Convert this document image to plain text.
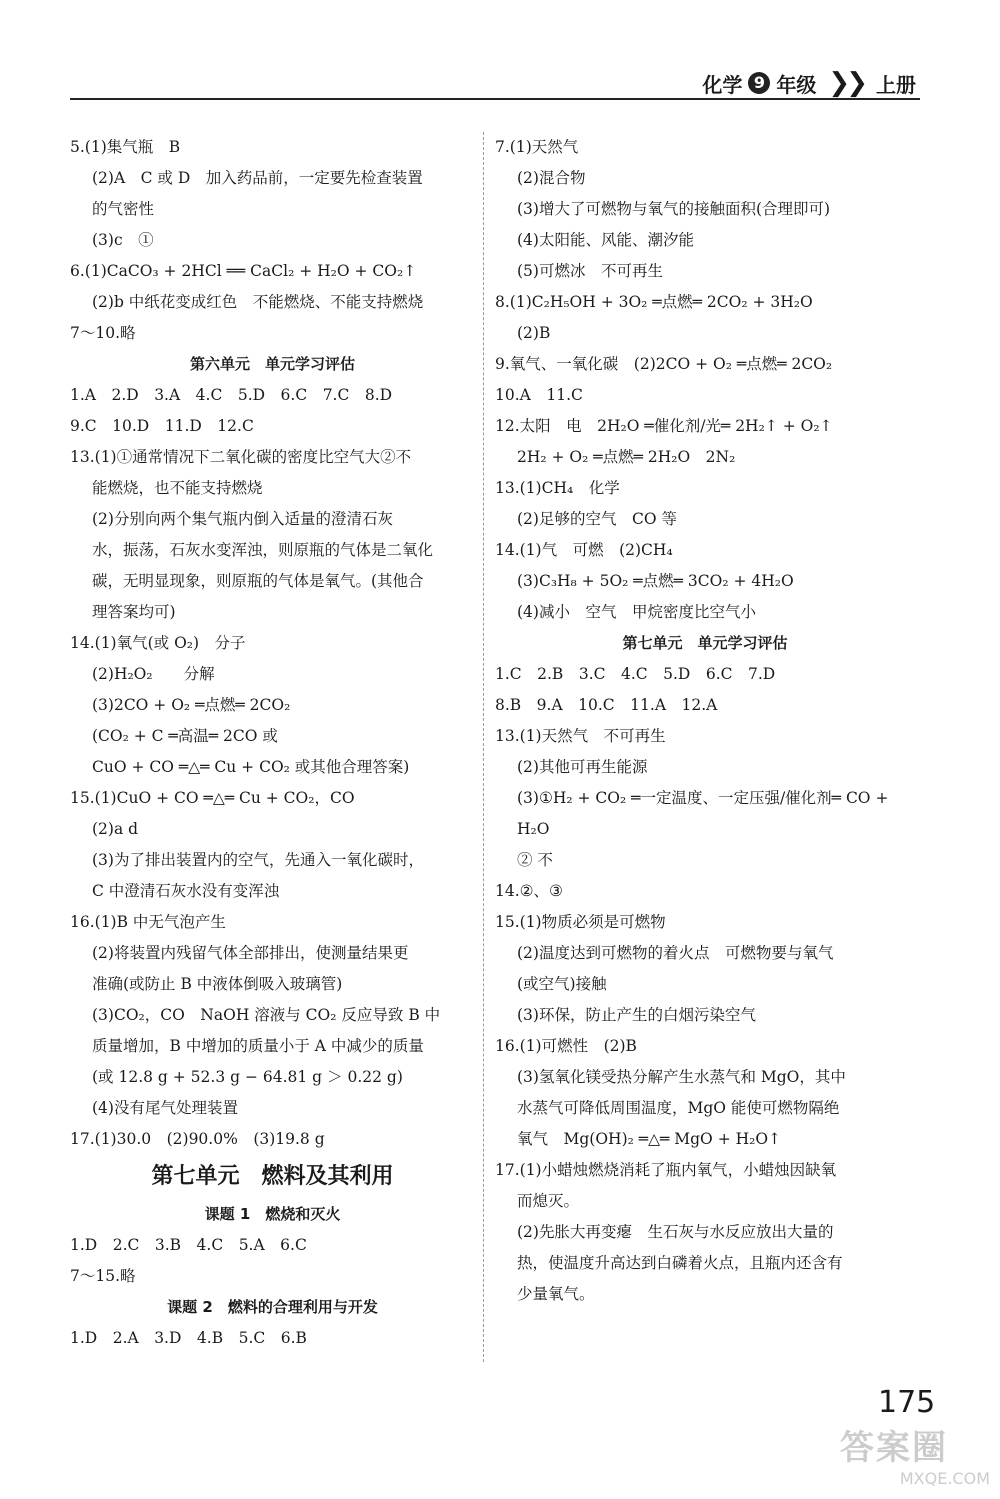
化学 9 年级 ❯❯ 上册
5.(1)集气瓶　B
(2)A　C 或 D　加入药品前，一定要先检查装置
的气密性
(3)c　①
6.(1)CaCO₃ + 2HCl ══ CaCl₂ + H₂O + CO₂↑
(2)b 中纸花变成红色　不能燃烧、不能支持燃烧
7～10.略
第六单元　单元学习评估
1.A　2.D　3.A　4.C　5.D　6.C　7.C　8.D
9.C　10.D　11.D　12.C
13.(1)①通常情况下二氧化碳的密度比空气大②不
能燃烧，也不能支持燃烧
(2)分别向两个集气瓶内倒入适量的澄清石灰
水，振荡，石灰水变浑浊，则原瓶的气体是二氧化
碳，无明显现象，则原瓶的气体是氧气。(其他合
理答案均可)
14.(1)氧气(或 O₂)　分子
(2)H₂O₂　　分解
(3)2CO + O₂ ═点燃═ 2CO₂
(CO₂ + C ═高温═ 2CO 或
CuO + CO ═△═ Cu + CO₂ 或其他合理答案)
15.(1)CuO + CO ═△═ Cu + CO₂，CO
(2)a d
(3)为了排出装置内的空气，先通入一氧化碳时，
C 中澄清石灰水没有变浑浊
16.(1)B 中无气泡产生
(2)将装置内残留气体全部排出，使测量结果更
准确(或防止 B 中液体倒吸入玻璃管)
(3)CO₂，CO　NaOH 溶液与 CO₂ 反应导致 B 中
质量增加，B 中增加的质量小于 A 中减少的质量
(或 12.8 g + 52.3 g − 64.81 g ＞ 0.22 g)
(4)没有尾气处理装置
17.(1)30.0　(2)90.0%　(3)19.8 g
第七单元　燃料及其利用
课题 1　燃烧和灭火
1.D　2.C　3.B　4.C　5.A　6.C
7～15.略
课题 2　燃料的合理利用与开发
1.D　2.A　3.D　4.B　5.C　6.B
7.(1)天然气
(2)混合物
(3)增大了可燃物与氧气的接触面积(合理即可)
(4)太阳能、风能、潮汐能
(5)可燃冰　不可再生
8.(1)C₂H₅OH + 3O₂ ═点燃═ 2CO₂ + 3H₂O
(2)B
9.氧气、一氧化碳　(2)2CO + O₂ ═点燃═ 2CO₂
10.A　11.C
12.太阳　电　2H₂O ═催化剂/光═ 2H₂↑ + O₂↑
2H₂ + O₂ ═点燃═ 2H₂O　2N₂
13.(1)CH₄　化学
(2)足够的空气　CO 等
14.(1)气　可燃　(2)CH₄
(3)C₃H₈ + 5O₂ ═点燃═ 3CO₂ + 4H₂O
(4)减小　空气　甲烷密度比空气小
第七单元　单元学习评估
1.C　2.B　3.C　4.C　5.D　6.C　7.D
8.B　9.A　10.C　11.A　12.A
13.(1)天然气　不可再生
(2)其他可再生能源
(3)①H₂ + CO₂ ═一定温度、一定压强/催化剂═ CO + H₂O
② 不
14.②、③
15.(1)物质必须是可燃物
(2)温度达到可燃物的着火点　可燃物要与氧气
(或空气)接触
(3)环保，防止产生的白烟污染空气
16.(1)可燃性　(2)B
(3)氢氧化镁受热分解产生水蒸气和 MgO，其中
水蒸气可降低周围温度，MgO 能使可燃物隔绝
氧气　Mg(OH)₂ ═△═ MgO + H₂O↑
17.(1)小蜡烛燃烧消耗了瓶内氧气，小蜡烛因缺氧
而熄灭。
(2)先胀大再变瘪　生石灰与水反应放出大量的
热，使温度升高达到白磷着火点，且瓶内还含有
少量氧气。
175
答案圈
MXQE.COM
